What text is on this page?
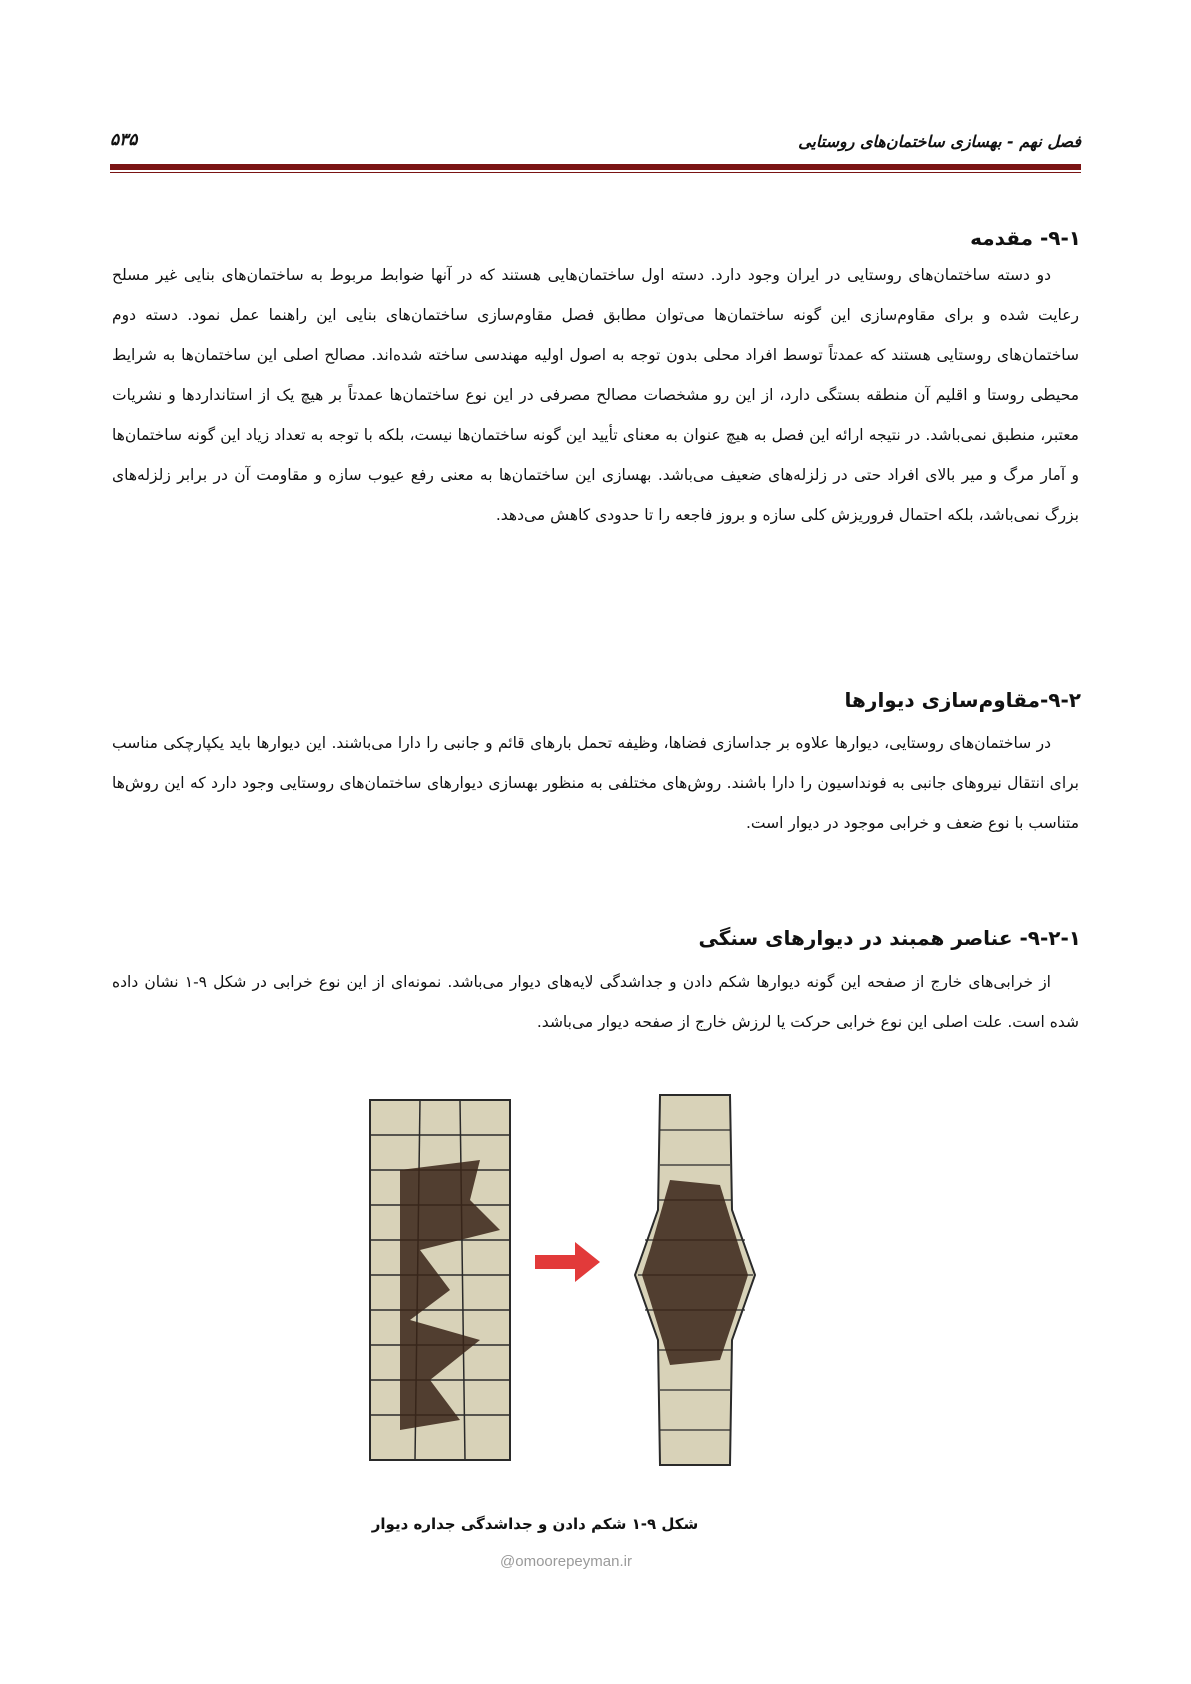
فصل نهم - بهسازی ساختمان‌های روستایی
۵۳۵
۹-۱- مقدمه

دو دسته ساختمان‌های روستایی در ایران وجود دارد. دسته اول ساختمان‌هایی هستند که در آنها ضوابط مربوط به ساختمان‌های بنایی غیر مسلح رعایت شده و برای مقاوم‌سازی این گونه ساختمان‌ها می‌توان مطابق فصل مقاوم‌سازی ساختمان‌های بنایی این راهنما عمل نمود. دسته دوم ساختمان‌های روستایی هستند که عمدتاً توسط افراد محلی بدون توجه به اصول اولیه مهندسی ساخته شده‌اند. مصالح اصلی این ساختمان‌ها به شرایط محیطی روستا و اقلیم آن منطقه بستگی دارد، از این رو مشخصات مصالح مصرفی در این نوع ساختمان‌ها عمدتاً بر هیچ یک از استانداردها و نشریات معتبر، منطبق نمی‌باشد. در نتیجه ارائه این فصل به هیچ عنوان به معنای تأیید این گونه ساختمان‌ها نیست، بلکه با توجه به تعداد زیاد این گونه ساختمان‌ها و آمار مرگ و میر بالای افراد حتی در زلزله‌های ضعیف می‌باشد. بهسازی این ساختمان‌ها به معنی رفع عیوب سازه و مقاومت آن در برابر زلزله‌های بزرگ نمی‌باشد، بلکه احتمال فروریزش کلی سازه و بروز فاجعه را تا حدودی کاهش می‌دهد.

۹-۲-مقاوم‌سازی دیوارها

در ساختمان‌های روستایی، دیوارها علاوه بر جداسازی فضاها، وظیفه تحمل بارهای قائم و جانبی را دارا می‌باشند. این دیوارها باید یکپارچکی مناسب برای انتقال نیروهای جانبی به فونداسیون را دارا باشند. روش‌های مختلفی به منظور بهسازی دیوارهای ساختمان‌های روستایی وجود دارد که این روش‌ها متناسب با نوع ضعف و خرابی موجود در دیوار است.

۹-۲-۱- عناصر همبند در دیوارهای سنگی

از خرابی‌های خارج از صفحه این گونه دیوارها شکم دادن و جداشدگی لایه‌های دیوار می‌باشد. نمونه‌ای از این نوع خرابی در شکل ۹-۱ نشان داده شده است. علت اصلی این نوع خرابی حرکت یا لرزش خارج از صفحه دیوار می‌باشد.

شکل ۹-۱ شکم دادن و جداشدگی جداره دیوار
@omoorepeyman.ir
